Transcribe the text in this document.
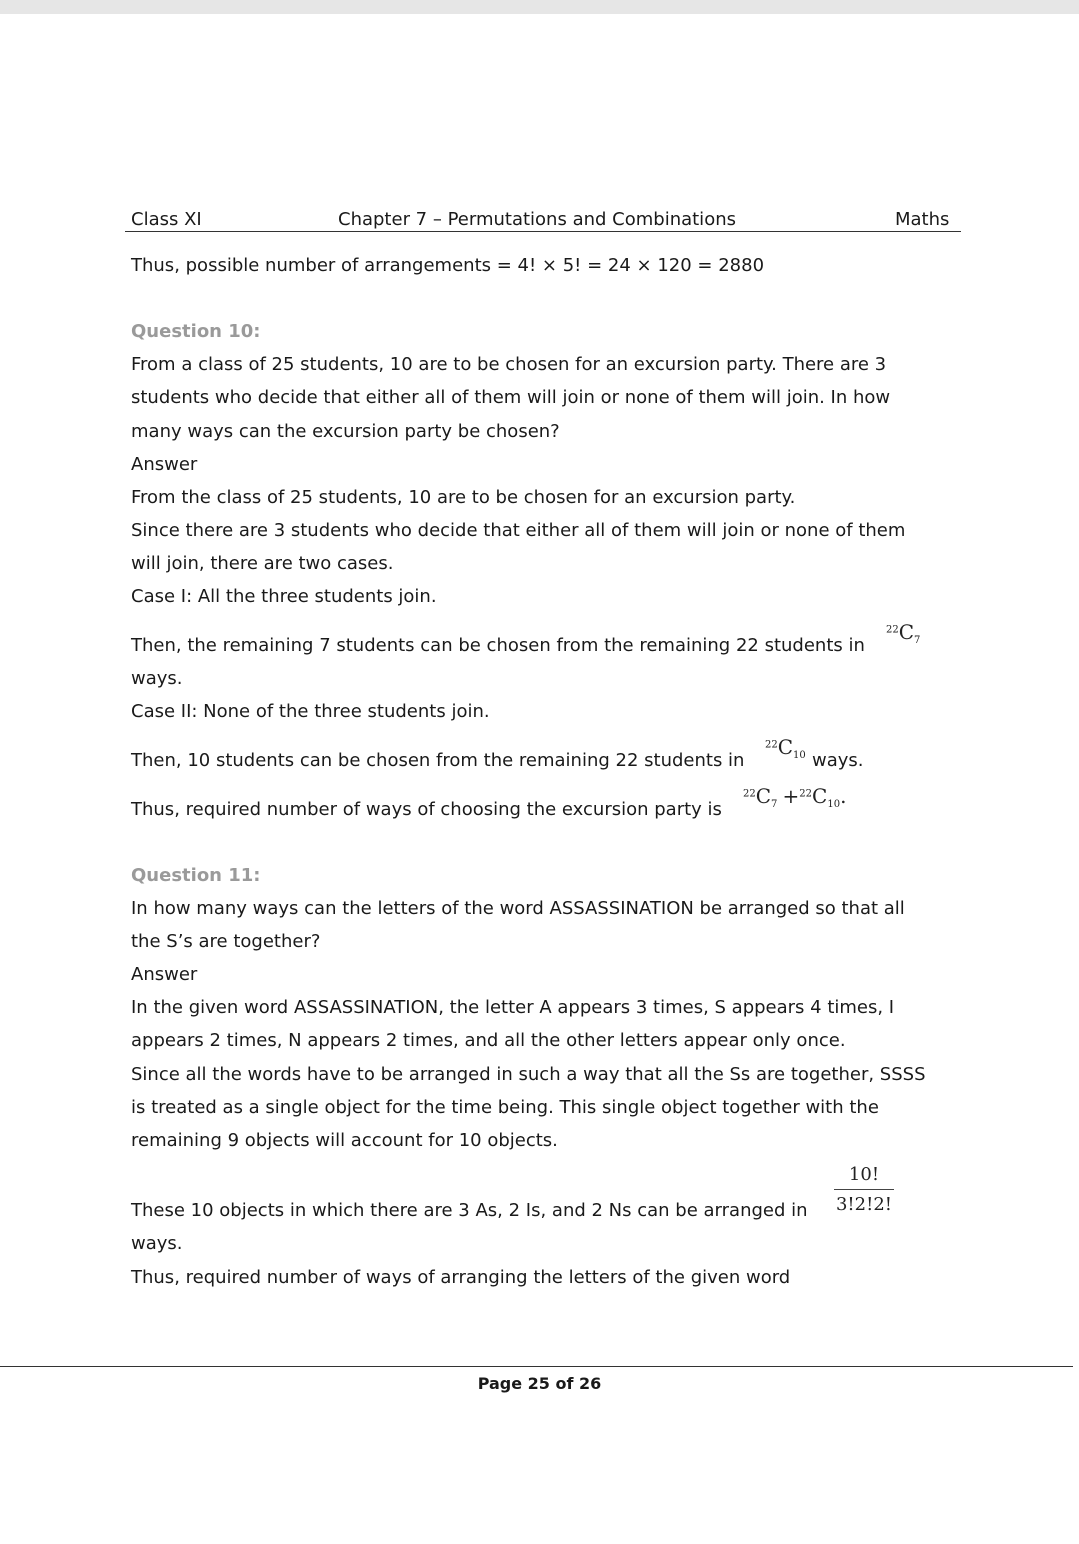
Class XI	Chapter 7 – Permutations and Combinations	Maths
Thus, possible number of arrangements = 4! × 5! = 24 × 120 = 2880
Question 10:
From a class of 25 students, 10 are to be chosen for an excursion party. There are 3
students who decide that either all of them will join or none of them will join. In how
many ways can the excursion party be chosen?
Answer
From the class of 25 students, 10 are to be chosen for an excursion party.
Since there are 3 students who decide that either all of them will join or none of them
will join, there are two cases.
Case I: All the three students join.
Then, the remaining 7 students can be chosen from the remaining 22 students in
$^{22}C_7$
ways.
Case II: None of the three students join.
Then, 10 students can be chosen from the remaining 22 students in
$^{22}C_{10}$ ways.
Thus, required number of ways of choosing the excursion party is
$^{22}C_7 +^{22}C_{10}$.
Question 11:
In how many ways can the letters of the word ASSASSINATION be arranged so that all
the S’s are together?
Answer
In the given word ASSASSINATION, the letter A appears 3 times, S appears 4 times, I
appears 2 times, N appears 2 times, and all the other letters appear only once.
Since all the words have to be arranged in such a way that all the Ss are together, SSSS
is treated as a single object for the time being. This single object together with the
remaining 9 objects will account for 10 objects.
10!
3!2!2!
These 10 objects in which there are 3 As, 2 Is, and 2 Ns can be arranged in
ways.
Thus, required number of ways of arranging the letters of the given word
Page 25 of 26
